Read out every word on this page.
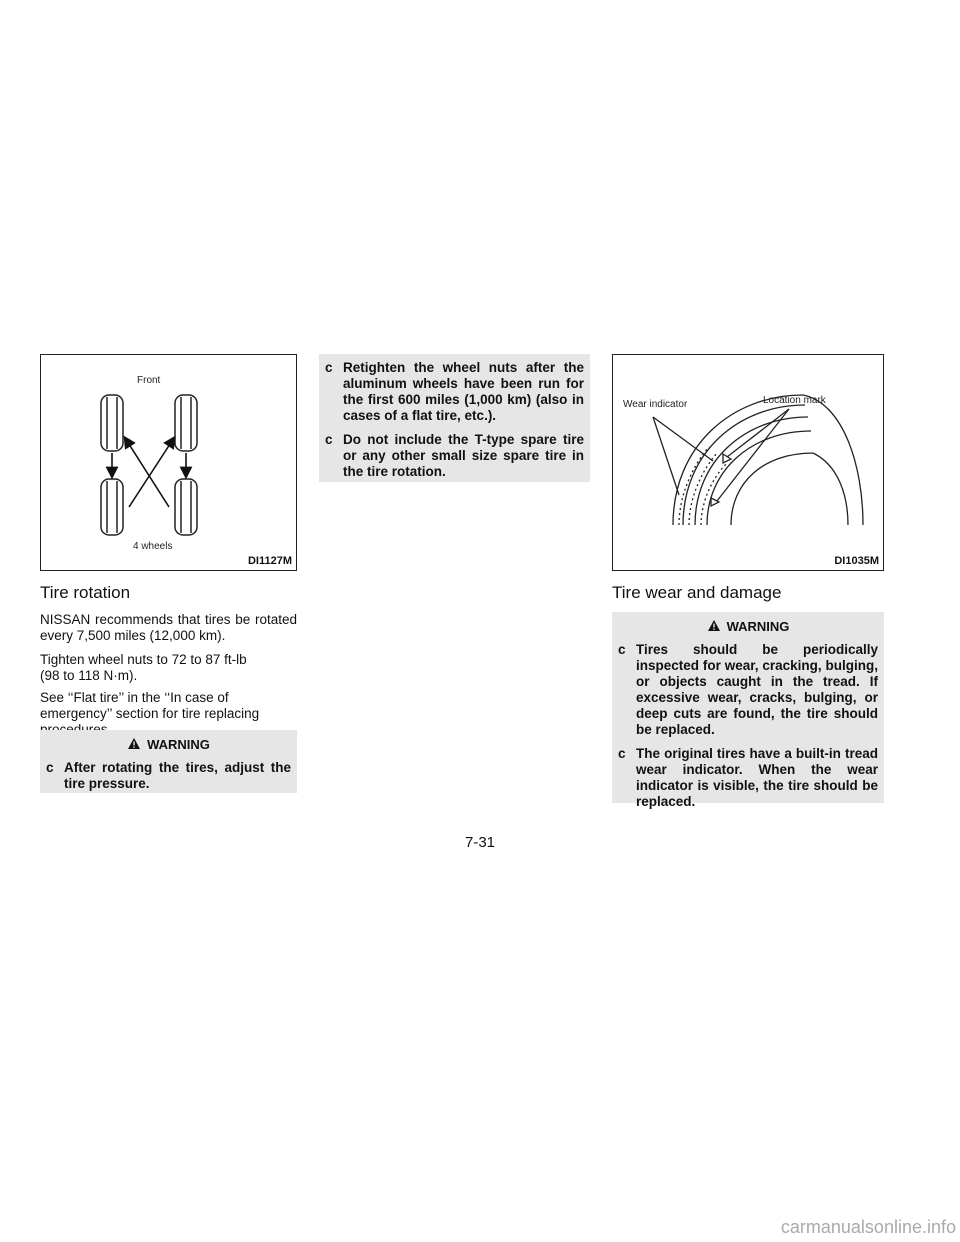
Front
4 wheels
DI1127M
Tire rotation

NISSAN recommends that tires be rotated every 7,500 miles (12,000 km).

Tighten wheel nuts to 72 to 87 ft-lb
(98 to 118 N·m).

See ‘‘Flat tire’’ in the ‘‘In case of emergency’’ section for tire replacing

WARNING
c After rotating the tires, adjust the tire pressure.
c Retighten the wheel nuts after the aluminum wheels have been run for the first 600 miles (1,000 km) (also in cases of a flat tire, etc.).
c Do not include the T-type spare tire or any other small size spare tire in the tire rotation.
Wear indicator	Location mark
DI1035M
Tire wear and damage
WARNING
c Tires should be periodically inspected for wear, cracking, bulging, or objects caught in the tread. If excessive wear, cracks, bulging, or deep cuts are found, the tire should be replaced.
c The original tires have a built-in tread wear indicator. When the wear indicator is visible, the tire should be replaced.
7-31
carmanualsonline.info
